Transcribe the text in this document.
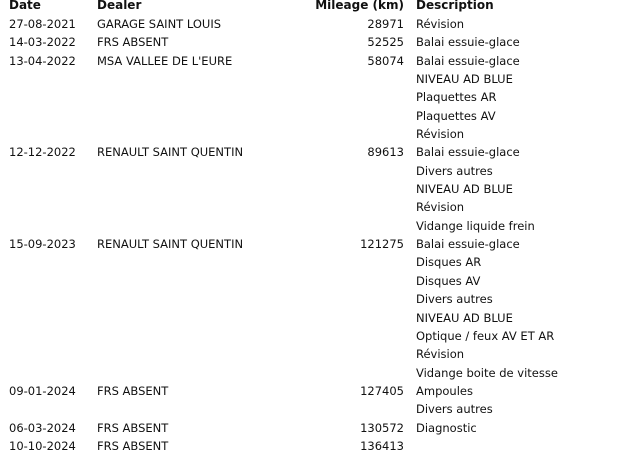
Date	Dealer	Mileage (km) Description
27-08-2021 GARAGE SAINT LOUIS	28971 Révision
14-03-2022 FRS ABSENT	52525 Balai essuie-glace
13-04-2022 MSA VALLEE DE L'EURE	58074 Balai essuie-glace
NIVEAU AD BLUE
Plaquettes AR
Plaquettes AV
Révision
12-12-2022 RENAULT SAINT QUENTIN	89613 Balai essuie-glace
Divers autres
NIVEAU AD BLUE
Révision
Vidange liquide frein
15-09-2023 RENAULT SAINT QUENTIN	121275 Balai essuie-glace
Disques AR
Disques AV
Divers autres
NIVEAU AD BLUE
Optique / feux AV ET AR
Révision
Vidange boite de vitesse
09-01-2024 FRS ABSENT	127405 Ampoules
Divers autres
06-03-2024 FRS ABSENT	130572 Diagnostic
10-10-2024 FRS ABSENT	136413
